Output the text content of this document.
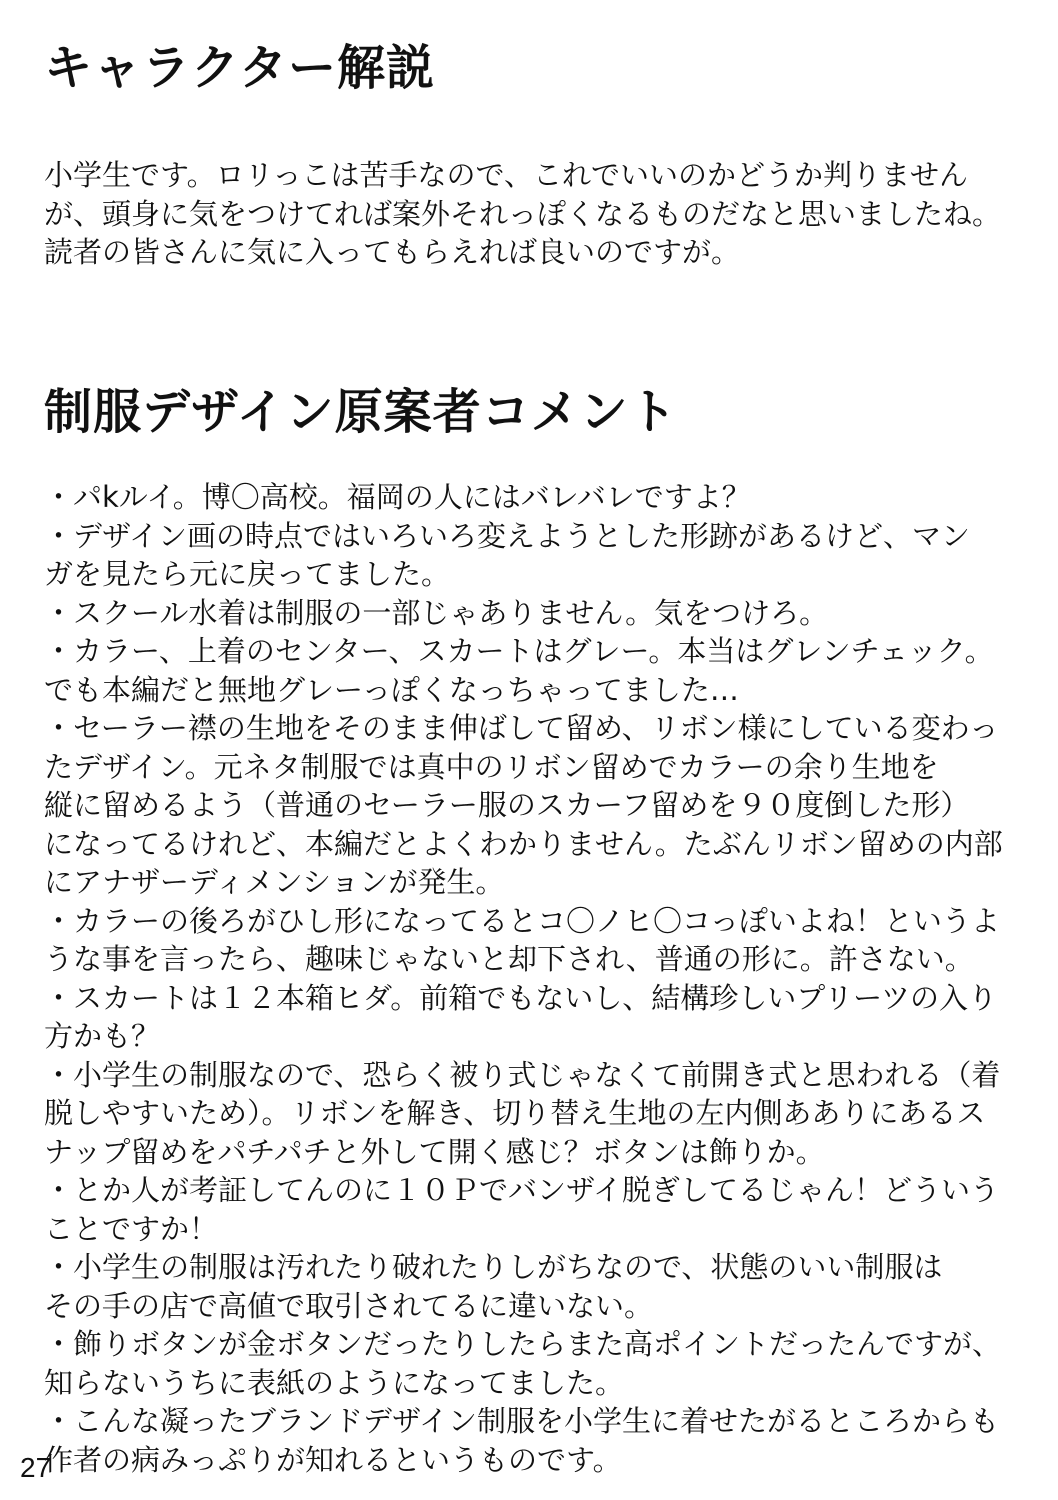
キャラクター解説
小学生です。ロリっこは苦手なので、これでいいのかどうか判りません
が、頭身に気をつけてれば案外それっぽくなるものだなと思いましたね。
読者の皆さんに気に入ってもらえれば良いのですが。
制服デザイン原案者コメント
・パkルイ。博〇高校。福岡の人にはバレバレですよ？
・デザイン画の時点ではいろいろ変えようとした形跡があるけど、マン
ガを見たら元に戻ってました。
・スクール水着は制服の一部じゃありません。気をつけろ。
・カラー、上着のセンター、スカートはグレー。本当はグレンチェック。
でも本編だと無地グレーっぽくなっちゃってました…
・セーラー襟の生地をそのまま伸ばして留め、リボン様にしている変わっ
たデザイン。元ネタ制服では真中のリボン留めでカラーの余り生地を
縦に留めるよう（普通のセーラー服のスカーフ留めを９０度倒した形）
になってるけれど、本編だとよくわかりません。たぶんリボン留めの内部
にアナザーディメンションが発生。
・カラーの後ろがひし形になってるとコ〇ノヒ〇コっぽいよね！というよ
うな事を言ったら、趣味じゃないと却下され、普通の形に。許さない。
・スカートは１２本箱ヒダ。前箱でもないし、結構珍しいプリーツの入り
方かも？
・小学生の制服なので、恐らく被り式じゃなくて前開き式と思われる（着
脱しやすいため）。リボンを解き、切り替え生地の左内側あありにあるス
ナップ留めをパチパチと外して開く感じ？ボタンは飾りか。
・とか人が考証してんのに１０Ｐでバンザイ脱ぎしてるじゃん！どういう
ことですか！
・小学生の制服は汚れたり破れたりしがちなので、状態のいい制服は
その手の店で高値で取引されてるに違いない。
・飾りボタンが金ボタンだったりしたらまた高ポイントだったんですが、
知らないうちに表紙のようになってました。
・こんな凝ったブランドデザイン制服を小学生に着せたがるところからも
作者の病みっぷりが知れるというものです。
27
